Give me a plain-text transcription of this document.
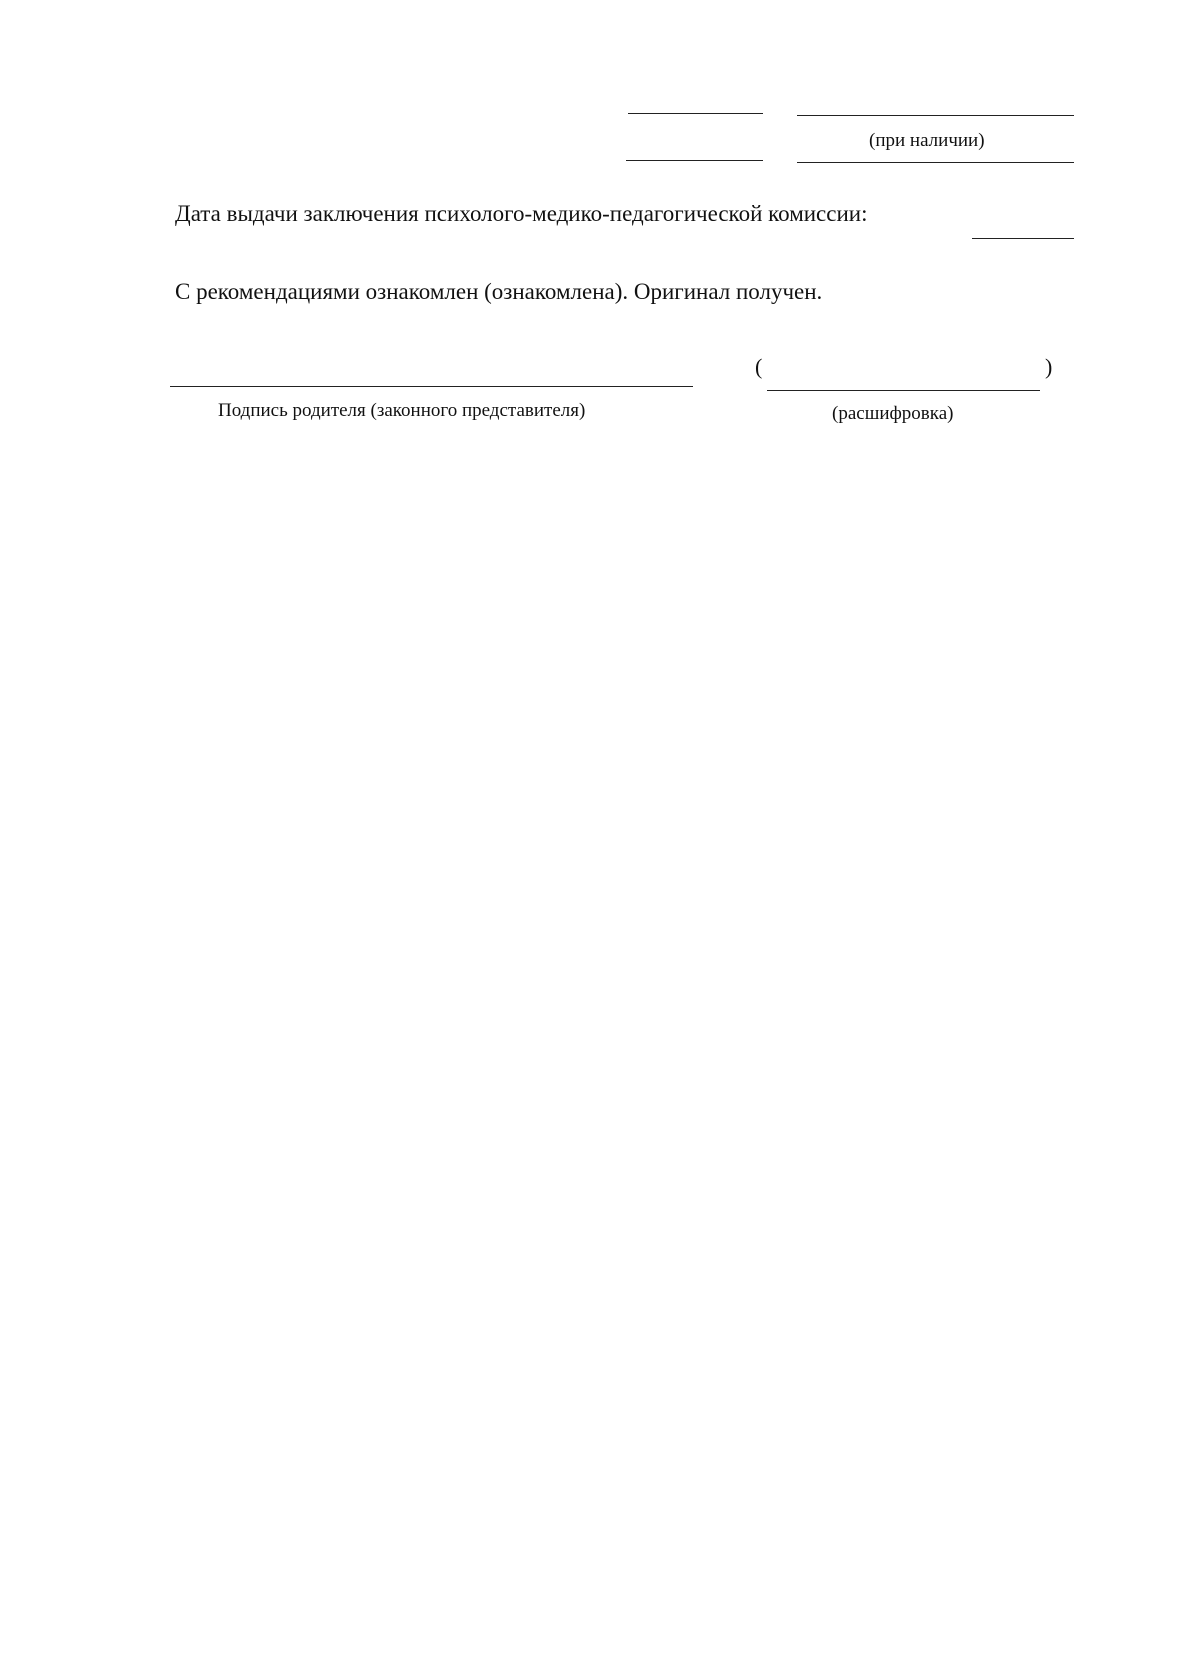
(при наличии)
Дата выдачи заключения психолого-медико-педагогической комиссии:
С рекомендациями ознакомлен (ознакомлена). Оригинал получен.
(	)
Подпись родителя (законного представителя)	(расшифровка)
